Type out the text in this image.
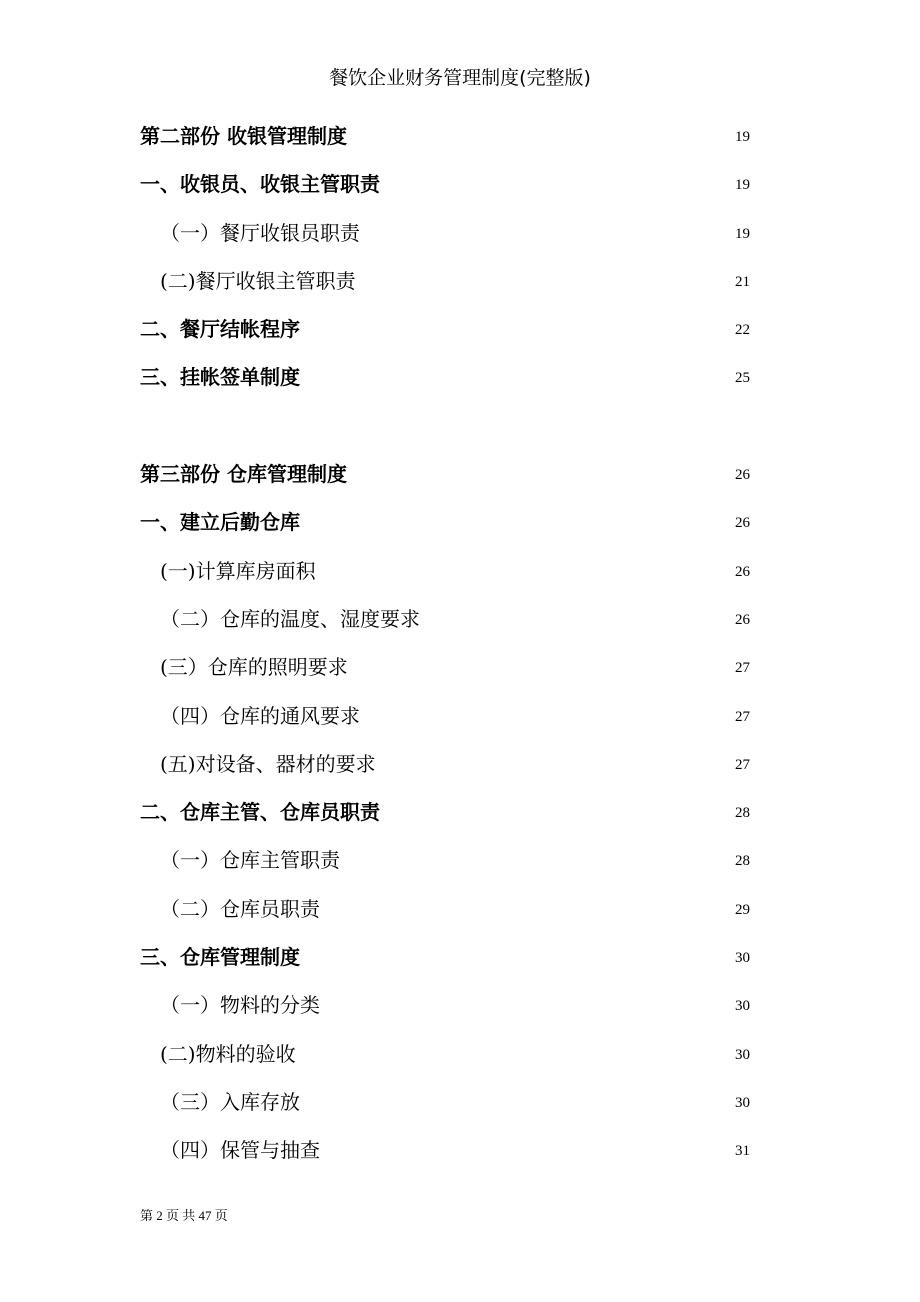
餐饮企业财务管理制度(完整版)
第二部份 收银管理制度	19
一、收银员、收银主管职责	19
（一）餐厅收银员职责	19
(二)餐厅收银主管职责	21
二、餐厅结帐程序	22
三、挂帐签单制度	25
第三部份 仓库管理制度	26
一、建立后勤仓库	26
(一)计算库房面积	26
（二）仓库的温度、湿度要求	26
(三）仓库的照明要求	27
（四）仓库的通风要求	27
(五)对设备、器材的要求	27
二、仓库主管、仓库员职责	28
（一）仓库主管职责	28
（二）仓库员职责	29
三、仓库管理制度	30
（一）物料的分类	30
(二)物料的验收	30
（三）入库存放	30
（四）保管与抽查	31
第 2 页 共 47 页
